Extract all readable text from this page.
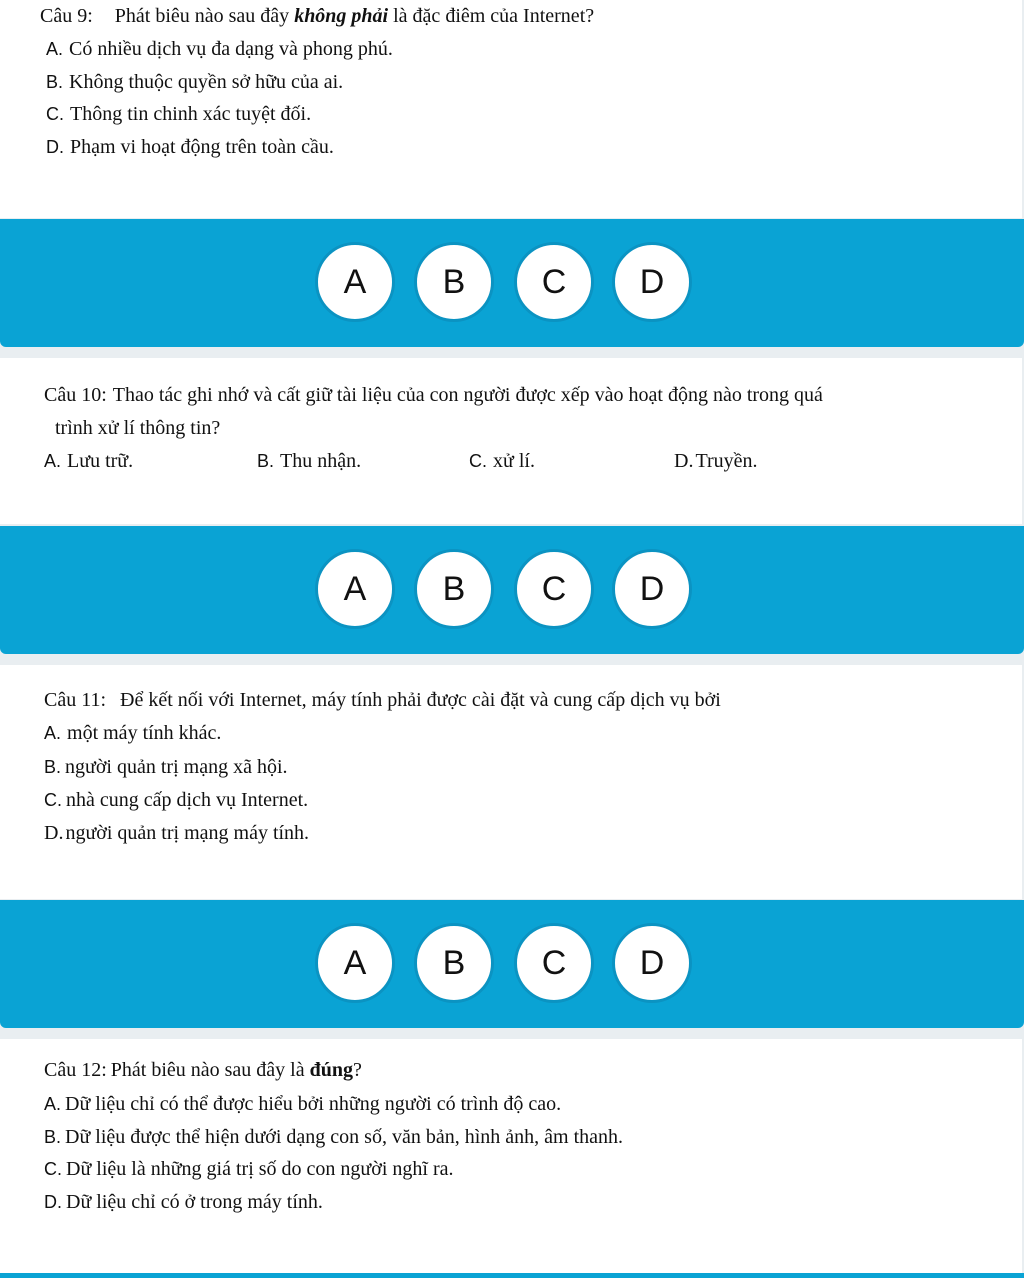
Câu 9: Phát biêu nào sau đây không phải là đặc điêm của Internet?
A. Có nhiều dịch vụ đa dạng và phong phú.
B. Không thuộc quyền sở hữu của ai.
C. Thông tin chinh xác tuyệt đối.
D. Phạm vi hoạt động trên toàn cầu.
A	B	C	D
Câu 10: Thao tác ghi nhớ và cất giữ tài liệu của con người được xếp vào hoạt động nào trong quá
trình xử lí thông tin?
A. Lưu trữ.	B. Thu nhận.	C. xử lí.	D. Truyền.
A	B	C	D
Câu 11: Để kết nối với Internet, máy tính phải được cài đặt và cung cấp dịch vụ bởi
A. một máy tính khác.
B. người quản trị mạng xã hội.
C. nhà cung cấp dịch vụ Internet.
D. người quản trị mạng máy tính.
A	B	C	D
Câu 12: Phát biêu nào sau đây là đúng?
A. Dữ liệu chỉ có thể được hiểu bởi những người có trình độ cao.
B. Dữ liệu được thể hiện dưới dạng con số, văn bản, hình ảnh, âm thanh.
C. Dữ liệu là những giá trị số do con người nghĩ ra.
D. Dữ liệu chỉ có ở trong máy tính.
